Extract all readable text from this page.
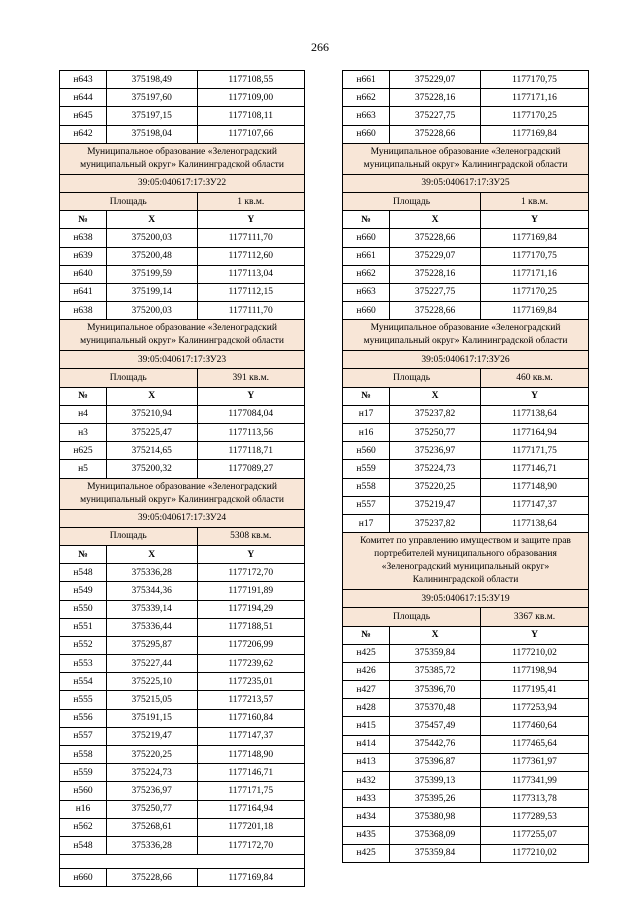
266
н643	375198,49	1177108,55
н644	375197,60	1177109,00
н645	375197,15	1177108,11
н642	375198,04	1177107,66
Муниципальное образование «Зеленоградский муниципальный округ» Калининградской области		
39:05:040617:17:ЗУ22		
Площадь		1 кв.м.
№	X	Y
н638	375200,03	1177111,70
н639	375200,48	1177112,60
н640	375199,59	1177113,04
н641	375199,14	1177112,15
н638	375200,03	1177111,70
Муниципальное образование «Зеленоградский муниципальный округ» Калининградской области		
39:05:040617:17:ЗУ23		
Площадь		391 кв.м.
№	X	Y
н4	375210,94	1177084,04
н3	375225,47	1177113,56
н625	375214,65	1177118,71
н5	375200,32	1177089,27
Муниципальное образование «Зеленоградский муниципальный округ» Калининградской области		
39:05:040617:17:ЗУ24		
Площадь		5308 кв.м.
№	X	Y
н548	375336,28	1177172,70
н549	375344,36	1177191,89
н550	375339,14	1177194,29
н551	375336,44	1177188,51
н552	375295,87	1177206,99
н553	375227,44	1177239,62
н554	375225,10	1177235,01
н555	375215,05	1177213,57
н556	375191,15	1177160,84
н557	375219,47	1177147,37
н558	375220,25	1177148,90
н559	375224,73	1177146,71
н560	375236,97	1177171,75
н16	375250,77	1177164,94
н562	375268,61	1177201,18
н548	375336,28	1177172,70

н660	375228,66	1177169,84
н661	375229,07	1177170,75
н662	375228,16	1177171,16
н663	375227,75	1177170,25
н660	375228,66	1177169,84
Муниципальное образование «Зеленоградский муниципальный округ» Калининградской области		
39:05:040617:17:ЗУ25		
Площадь		1 кв.м.
№	X	Y
н660	375228,66	1177169,84
н661	375229,07	1177170,75
н662	375228,16	1177171,16
н663	375227,75	1177170,25
н660	375228,66	1177169,84
Муниципальное образование «Зеленоградский муниципальный округ» Калининградской области		
39:05:040617:17:ЗУ26		
Площадь		460 кв.м.
№	X	Y
н17	375237,82	1177138,64
н16	375250,77	1177164,94
н560	375236,97	1177171,75
н559	375224,73	1177146,71
н558	375220,25	1177148,90
н557	375219,47	1177147,37
н17	375237,82	1177138,64
Комитет по управлению имуществом и защите прав портребителей муниципального образования «Зеленоградский муниципальный округ» Калининградской области		
39:05:040617:15:ЗУ19		
Площадь		3367 кв.м.
№	X	Y
н425	375359,84	1177210,02
н426	375385,72	1177198,94
н427	375396,70	1177195,41
н428	375370,48	1177253,94
н415	375457,49	1177460,64
н414	375442,76	1177465,64
н413	375396,87	1177361,97
н432	375399,13	1177341,99
н433	375395,26	1177313,78
н434	375380,98	1177289,53
н435	375368,09	1177255,07
н425	375359,84	1177210,02
